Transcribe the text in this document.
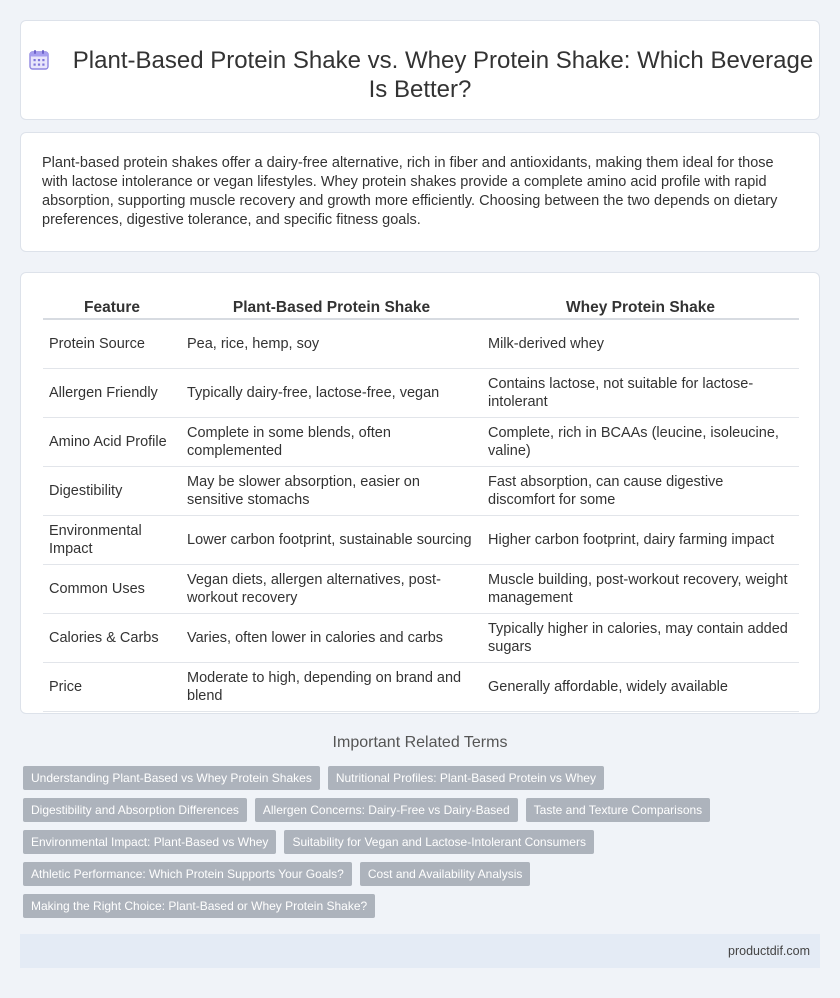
Plant-Based Protein Shake vs. Whey Protein Shake: Which Beverage Is Better?

Plant-based protein shakes offer a dairy-free alternative, rich in fiber and antioxidants, making them ideal for those with lactose intolerance or vegan lifestyles. Whey protein shakes provide a complete amino acid profile with rapid absorption, supporting muscle recovery and growth more efficiently. Choosing between the two depends on dietary preferences, digestive tolerance, and specific fitness goals.

Feature	Plant-Based Protein Shake	Whey Protein Shake
Protein Source	Pea, rice, hemp, soy	Milk-derived whey
Allergen Friendly	Typically dairy-free, lactose-free, vegan	Contains lactose, not suitable for lactose-intolerant
Amino Acid Profile	Complete in some blends, often complemented	Complete, rich in BCAAs (leucine, isoleucine, valine)
Digestibility	May be slower absorption, easier on sensitive stomachs	Fast absorption, can cause digestive discomfort for some
Environmental Impact	Lower carbon footprint, sustainable sourcing	Higher carbon footprint, dairy farming impact
Common Uses	Vegan diets, allergen alternatives, post-workout recovery	Muscle building, post-workout recovery, weight management
Calories & Carbs	Varies, often lower in calories and carbs	Typically higher in calories, may contain added sugars
Price	Moderate to high, depending on brand and blend	Generally affordable, widely available
Important Related Terms
Understanding Plant-Based vs Whey Protein Shakes	Nutritional Profiles: Plant-Based Protein vs Whey
Digestibility and Absorption Differences	Allergen Concerns: Dairy-Free vs Dairy-Based	Taste and Texture Comparisons
Environmental Impact: Plant-Based vs Whey	Suitability for Vegan and Lactose-Intolerant Consumers
Athletic Performance: Which Protein Supports Your Goals?	Cost and Availability Analysis
Making the Right Choice: Plant-Based or Whey Protein Shake?
productdif.com
